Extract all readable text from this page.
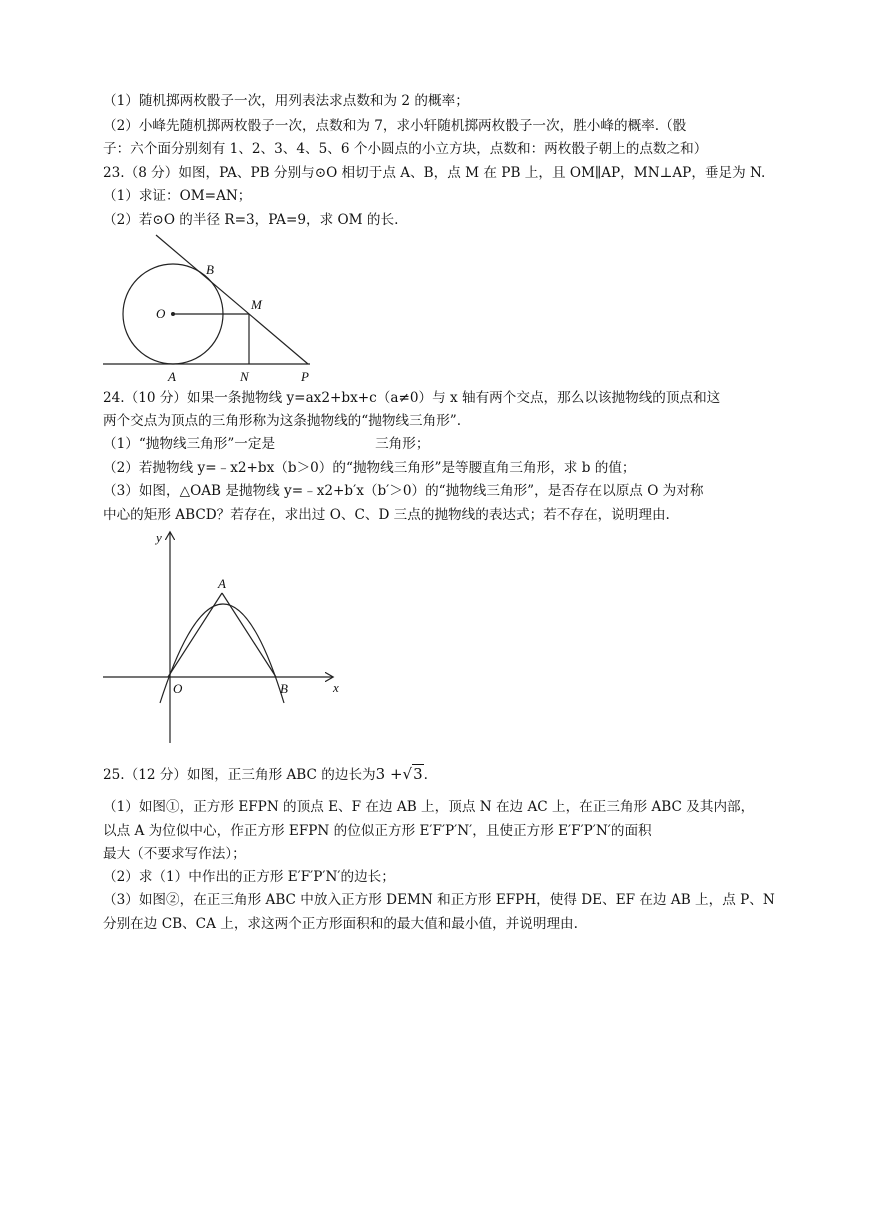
（1）随机掷两枚骰子一次，用列表法求点数和为 2 的概率；
（2）小峰先随机掷两枚骰子一次，点数和为 7，求小轩随机掷两枚骰子一次，胜小峰的概率.（骰
子：六个面分别刻有 1、2、3、4、5、6 个小圆点的小立方块，点数和：两枚骰子朝上的点数之和）
23.（8 分）如图，PA、PB 分别与⊙O 相切于点 A、B，点 M 在 PB 上，且 OM∥AP，MN⊥AP，垂足为 N.
（1）求证：OM=AN；
（2）若⊙O 的半径 R=3，PA=9，求 OM 的长.
B
O
M
A	N	P
24.（10 分）如果一条抛物线 y=ax2+bx+c（a≠0）与 x 轴有两个交点，那么以该抛物线的顶点和这
两个交点为顶点的三角形称为这条抛物线的“抛物线三角形”.
（1）“抛物线三角形”一定是	三角形；
（2）若抛物线 y=﹣x2+bx（b＞0）的“抛物线三角形”是等腰直角三角形，求 b 的值；
（3）如图，△OAB 是抛物线 y=﹣x2+b′x（b′＞0）的“抛物线三角形”，是否存在以原点 O 为对称
中心的矩形 ABCD？若存在，求出过 O、C、D 三点的抛物线的表达式；若不存在，说明理由.
y
A
O	B	x
25.（12 分）如图，正三角形 ABC 的边长为3 +√3.
（1）如图①，正方形 EFPN 的顶点 E、F 在边 AB 上，顶点 N 在边 AC 上，在正三角形 ABC 及其内部，
以点 A 为位似中心，作正方形 EFPN 的位似正方形 E′F′P′N′，且使正方形 E′F′P′N′的面积
最大（不要求写作法）；
（2）求（1）中作出的正方形 E′F′P′N′的边长；
（3）如图②，在正三角形 ABC 中放入正方形 DEMN 和正方形 EFPH，使得 DE、EF 在边 AB 上，点 P、N
分别在边 CB、CA 上，求这两个正方形面积和的最大值和最小值，并说明理由.
